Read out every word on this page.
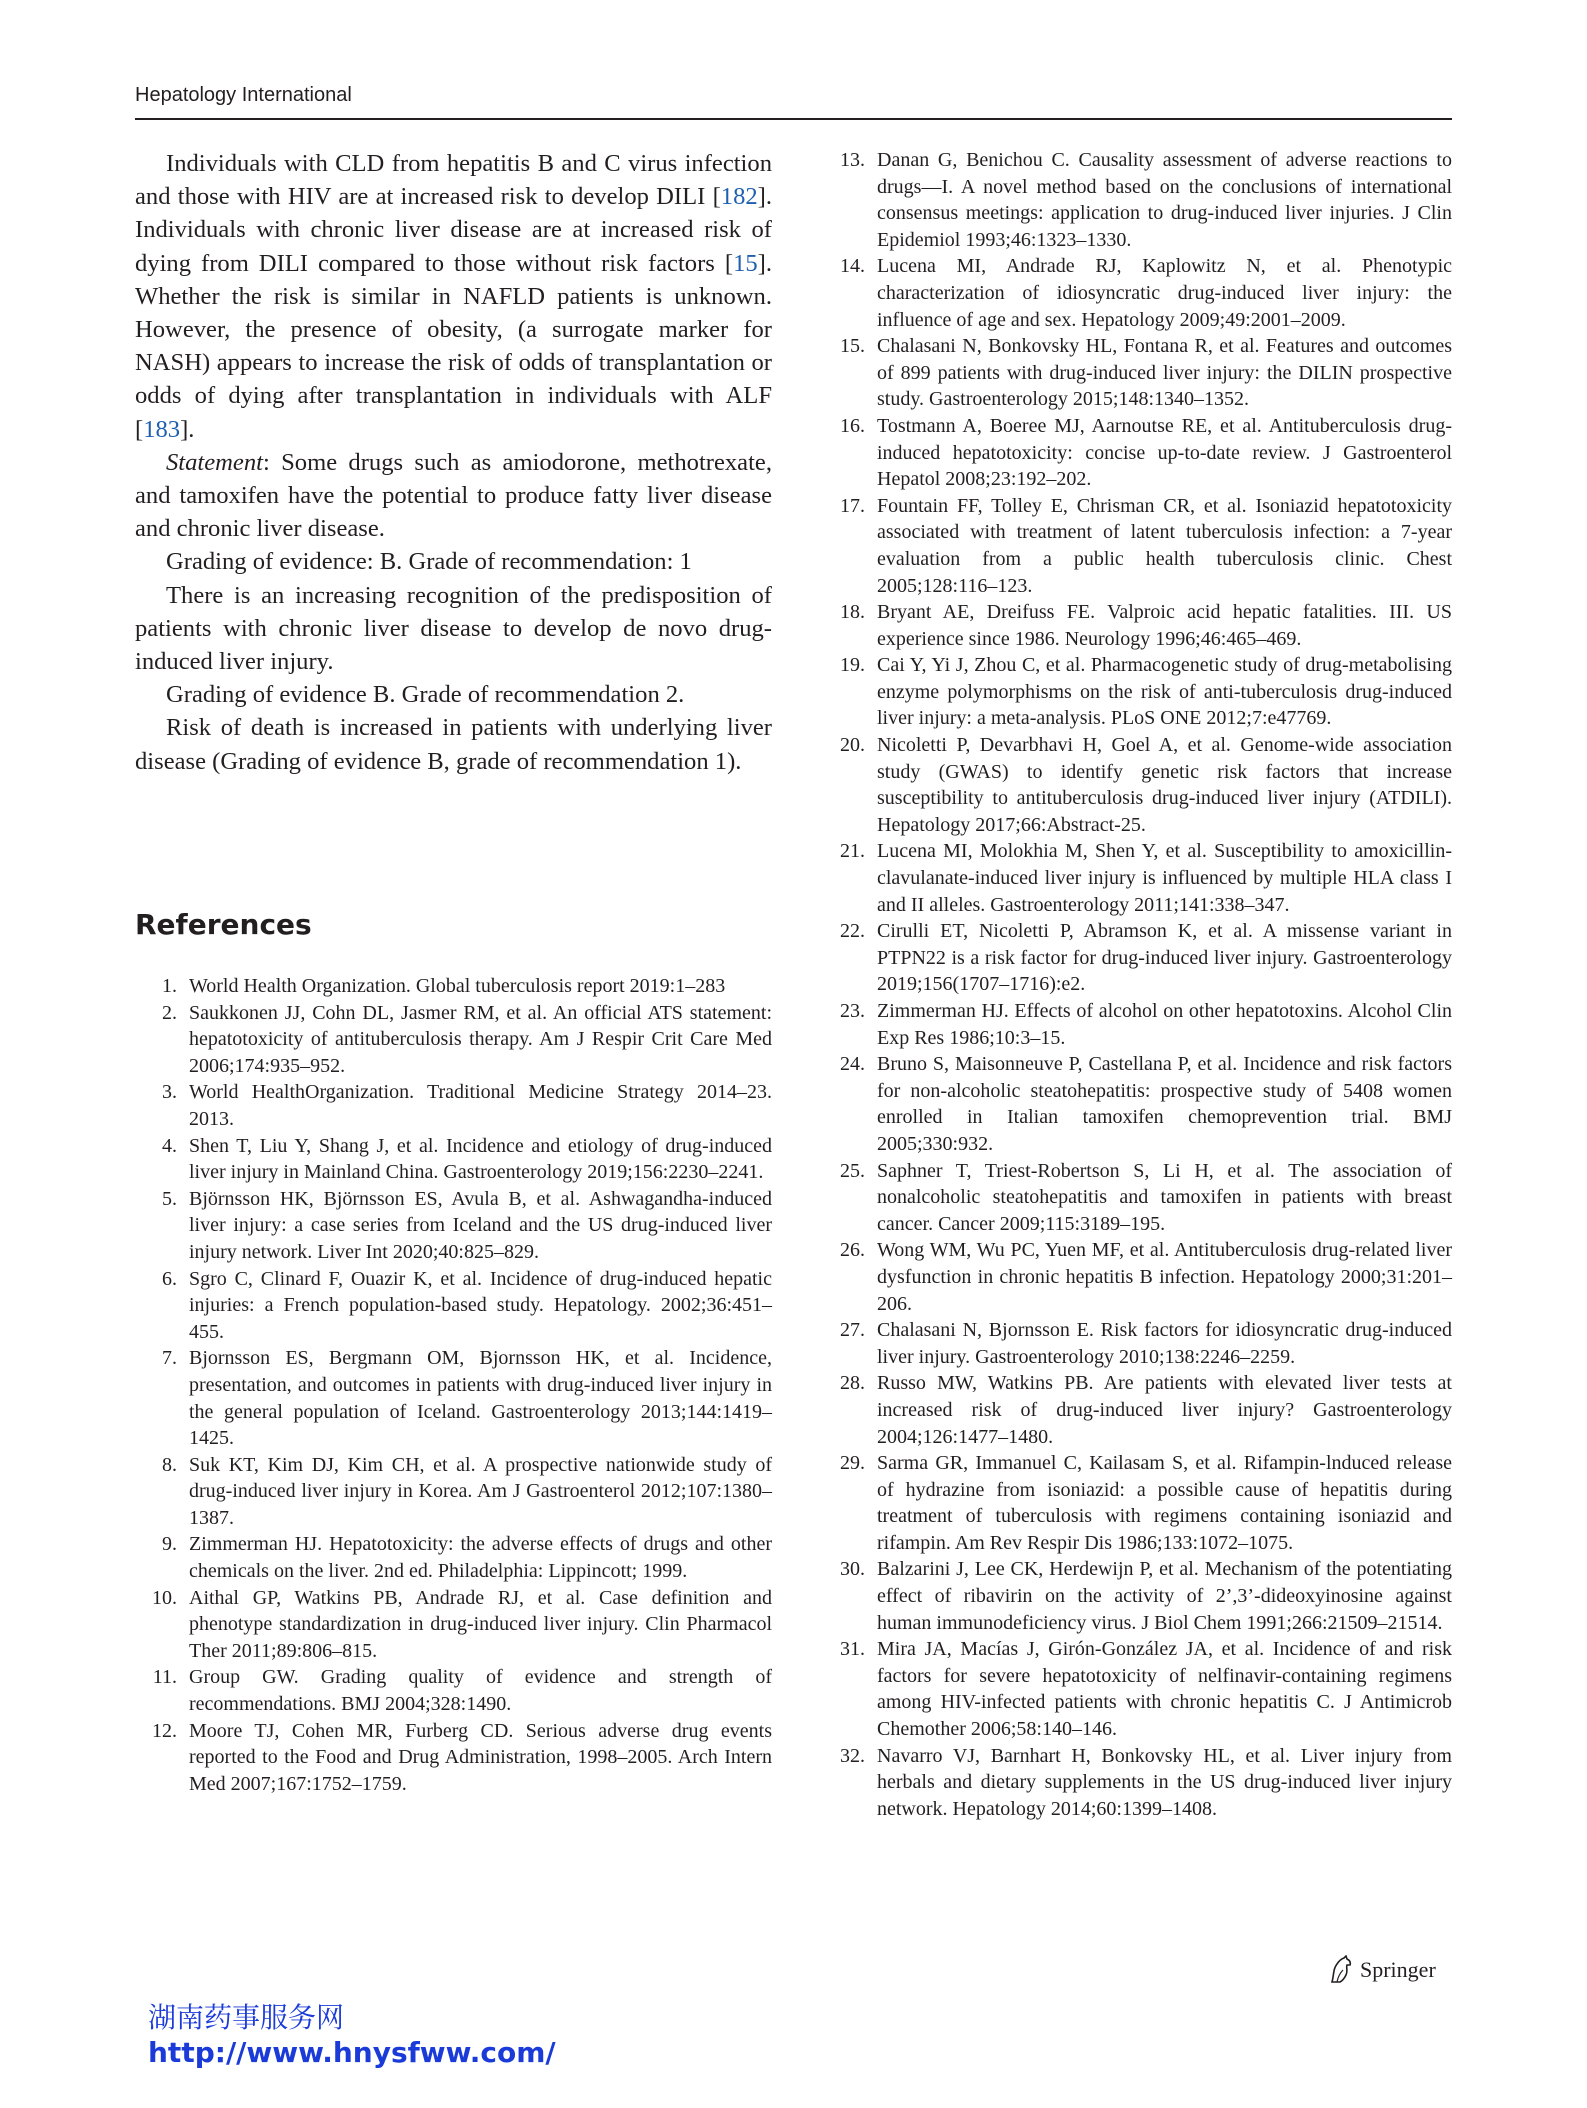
Hepatology International

Individuals with CLD from hepatitis B and C virus infection and those with HIV are at increased risk to develop DILI [182]. Individuals with chronic liver disease are at increased risk of dying from DILI compared to those without risk factors [15]. Whether the risk is similar in NAFLD patients is unknown. However, the presence of obesity, (a surrogate marker for NASH) appears to increase the risk of odds of transplantation or odds of dying after transplantation in individuals with ALF [183].

Statement: Some drugs such as amiodorone, methotrexate, and tamoxifen have the potential to produce fatty liver disease and chronic liver disease.

Grading of evidence: B. Grade of recommendation: 1

There is an increasing recognition of the predisposition of patients with chronic liver disease to develop de novo drug-induced liver injury.

Grading of evidence B. Grade of recommendation 2.

Risk of death is increased in patients with underlying liver disease (Grading of evidence B, grade of recommendation 1).

References
1. World Health Organization. Global tuberculosis report 2019:1–283
2. Saukkonen JJ, Cohn DL, Jasmer RM, et al. An official ATS statement: hepatotoxicity of antituberculosis therapy. Am J Respir Crit Care Med 2006;174:935–952.
3. World HealthOrganization. Traditional Medicine Strategy 2014–23. 2013.
4. Shen T, Liu Y, Shang J, et al. Incidence and etiology of drug-induced liver injury in Mainland China. Gastroenterology 2019;156:2230–2241.
5. Björnsson HK, Björnsson ES, Avula B, et al. Ashwagandha-induced liver injury: a case series from Iceland and the US drug-induced liver injury network. Liver Int 2020;40:825–829.
6. Sgro C, Clinard F, Ouazir K, et al. Incidence of drug-induced hepatic injuries: a French population-based study. Hepatology. 2002;36:451–455.
7. Bjornsson ES, Bergmann OM, Bjornsson HK, et al. Incidence, presentation, and outcomes in patients with drug-induced liver injury in the general population of Iceland. Gastroenterology 2013;144:1419–1425.
8. Suk KT, Kim DJ, Kim CH, et al. A prospective nationwide study of drug-induced liver injury in Korea. Am J Gastroenterol 2012;107:1380–1387.
9. Zimmerman HJ. Hepatotoxicity: the adverse effects of drugs and other chemicals on the liver. 2nd ed. Philadelphia: Lippincott; 1999.
10. Aithal GP, Watkins PB, Andrade RJ, et al. Case definition and phenotype standardization in drug-induced liver injury. Clin Pharmacol Ther 2011;89:806–815.
11. Group GW. Grading quality of evidence and strength of recommendations. BMJ 2004;328:1490.
12. Moore TJ, Cohen MR, Furberg CD. Serious adverse drug events reported to the Food and Drug Administration, 1998–2005. Arch Intern Med 2007;167:1752–1759.
13. Danan G, Benichou C. Causality assessment of adverse reactions to drugs—I. A novel method based on the conclusions of international consensus meetings: application to drug-induced liver injuries. J Clin Epidemiol 1993;46:1323–1330.
14. Lucena MI, Andrade RJ, Kaplowitz N, et al. Phenotypic characterization of idiosyncratic drug-induced liver injury: the influence of age and sex. Hepatology 2009;49:2001–2009.
15. Chalasani N, Bonkovsky HL, Fontana R, et al. Features and outcomes of 899 patients with drug-induced liver injury: the DILIN prospective study. Gastroenterology 2015;148:1340–1352.
16. Tostmann A, Boeree MJ, Aarnoutse RE, et al. Antituberculosis drug-induced hepatotoxicity: concise up-to-date review. J Gastroenterol Hepatol 2008;23:192–202.
17. Fountain FF, Tolley E, Chrisman CR, et al. Isoniazid hepatotoxicity associated with treatment of latent tuberculosis infection: a 7-year evaluation from a public health tuberculosis clinic. Chest 2005;128:116–123.
18. Bryant AE, Dreifuss FE. Valproic acid hepatic fatalities. III. US experience since 1986. Neurology 1996;46:465–469.
19. Cai Y, Yi J, Zhou C, et al. Pharmacogenetic study of drug-metabolising enzyme polymorphisms on the risk of anti-tuberculosis drug-induced liver injury: a meta-analysis. PLoS ONE 2012;7:e47769.
20. Nicoletti P, Devarbhavi H, Goel A, et al. Genome-wide association study (GWAS) to identify genetic risk factors that increase susceptibility to antituberculosis drug-induced liver injury (ATDILI). Hepatology 2017;66:Abstract-25.
21. Lucena MI, Molokhia M, Shen Y, et al. Susceptibility to amoxicillin-clavulanate-induced liver injury is influenced by multiple HLA class I and II alleles. Gastroenterology 2011;141:338–347.
22. Cirulli ET, Nicoletti P, Abramson K, et al. A missense variant in PTPN22 is a risk factor for drug-induced liver injury. Gastroenterology 2019;156(1707–1716):e2.
23. Zimmerman HJ. Effects of alcohol on other hepatotoxins. Alcohol Clin Exp Res 1986;10:3–15.
24. Bruno S, Maisonneuve P, Castellana P, et al. Incidence and risk factors for non-alcoholic steatohepatitis: prospective study of 5408 women enrolled in Italian tamoxifen chemoprevention trial. BMJ 2005;330:932.
25. Saphner T, Triest-Robertson S, Li H, et al. The association of nonalcoholic steatohepatitis and tamoxifen in patients with breast cancer. Cancer 2009;115:3189–195.
26. Wong WM, Wu PC, Yuen MF, et al. Antituberculosis drug-related liver dysfunction in chronic hepatitis B infection. Hepatology 2000;31:201–206.
27. Chalasani N, Bjornsson E. Risk factors for idiosyncratic drug-induced liver injury. Gastroenterology 2010;138:2246–2259.
28. Russo MW, Watkins PB. Are patients with elevated liver tests at increased risk of drug-induced liver injury? Gastroenterology 2004;126:1477–1480.
29. Sarma GR, Immanuel C, Kailasam S, et al. Rifampin-lnduced release of hydrazine from isoniazid: a possible cause of hepatitis during treatment of tuberculosis with regimens containing isoniazid and rifampin. Am Rev Respir Dis 1986;133:1072–1075.
30. Balzarini J, Lee CK, Herdewijn P, et al. Mechanism of the potentiating effect of ribavirin on the activity of 2’,3’-dideoxyinosine against human immunodeficiency virus. J Biol Chem 1991;266:21509–21514.
31. Mira JA, Macías J, Girón-González JA, et al. Incidence of and risk factors for severe hepatotoxicity of nelfinavir-containing regimens among HIV-infected patients with chronic hepatitis C. J Antimicrob Chemother 2006;58:140–146.
32. Navarro VJ, Barnhart H, Bonkovsky HL, et al. Liver injury from herbals and dietary supplements in the US drug-induced liver injury network. Hepatology 2014;60:1399–1408.
Springer
湖南药事服务网
http://www.hnysfww.com/
